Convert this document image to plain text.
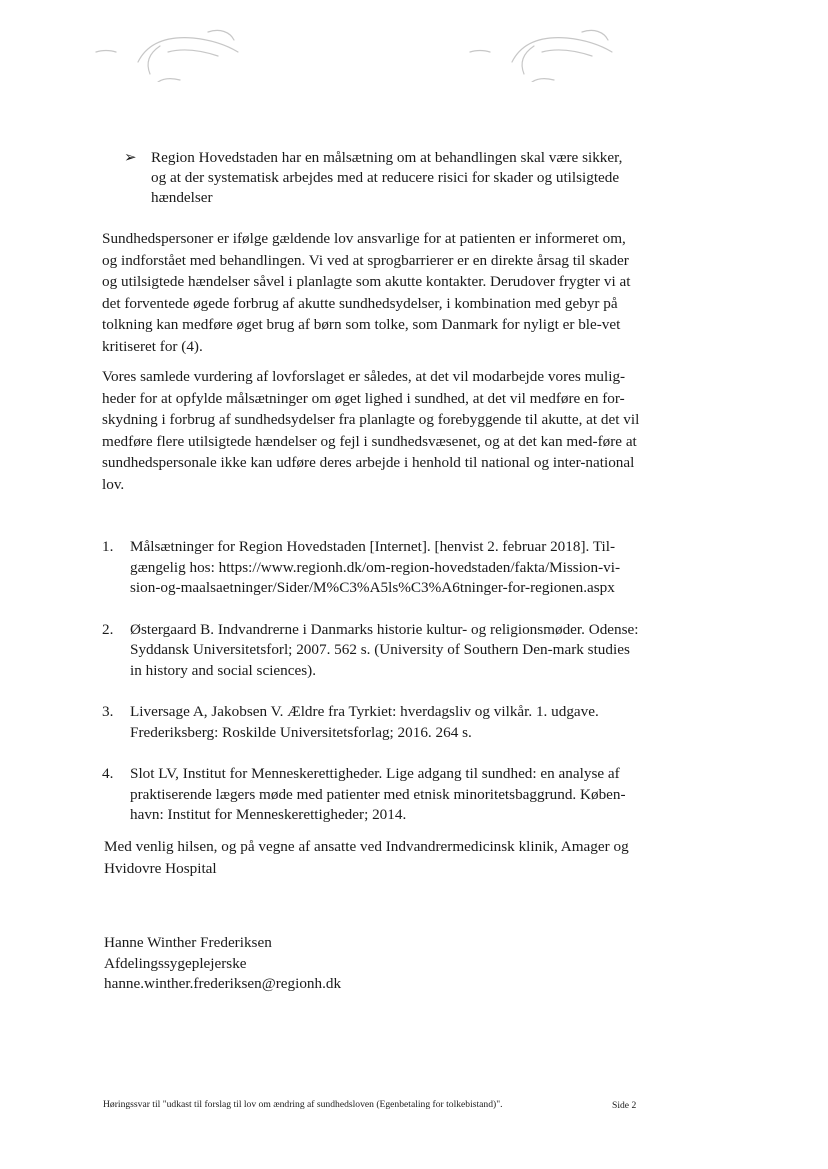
➢ Region Hovedstaden har en målsætning om at behandlingen skal være sikker, og at der systematisk arbejdes med at reducere risici for skader og utilsigtede hændelser

Sundhedspersoner er ifølge gældende lov ansvarlige for at patienten er informeret om, og indforstået med behandlingen. Vi ved at sprogbarrierer er en direkte årsag til skader og utilsigtede hændelser såvel i planlagte som akutte kontakter. Derudover frygter vi at det forventede øgede forbrug af akutte sundhedsydelser, i kombination med gebyr på tolkning kan medføre øget brug af børn som tolke, som Danmark for nyligt er ble-vet kritiseret for (4).

Vores samlede vurdering af lovforslaget er således, at det vil modarbejde vores mulig-heder for at opfylde målsætninger om øget lighed i sundhed, at det vil medføre en for-skydning i forbrug af sundhedsydelser fra planlagte og forebyggende til akutte, at det vil medføre flere utilsigtede hændelser og fejl i sundhedsvæsenet, og at det kan med-føre at sundhedspersonale ikke kan udføre deres arbejde i henhold til national og inter-national lov.

1. Målsætninger for Region Hovedstaden [Internet]. [henvist 2. februar 2018]. Til-gængelig hos: https://www.regionh.dk/om-region-hovedstaden/fakta/Mission-vi-sion-og-maalsaetninger/Sider/M%C3%A5ls%C3%A6tninger-for-regionen.aspx
2. Østergaard B. Indvandrerne i Danmarks historie kultur- og religionsmøder. Odense: Syddansk Universitetsforl; 2007. 562 s. (University of Southern Den-mark studies in history and social sciences).
3. Liversage A, Jakobsen V. Ældre fra Tyrkiet: hverdagsliv og vilkår. 1. udgave. Frederiksberg: Roskilde Universitetsforlag; 2016. 264 s.
4. Slot LV, Institut for Menneskerettigheder. Lige adgang til sundhed: en analyse af praktiserende lægers møde med patienter med etnisk minoritetsbaggrund. Køben-havn: Institut for Menneskerettigheder; 2014.

Med venlig hilsen, og på vegne af ansatte ved Indvandrermedicinsk klinik, Amager og Hvidovre Hospital

Hanne Winther Frederiksen
Afdelingssygeplejerske
hanne.winther.frederiksen@regionh.dk
Høringssvar til "udkast til forslag til lov om ændring af sundhedsloven (Egenbetaling for tolkebistand)".	Side 2
